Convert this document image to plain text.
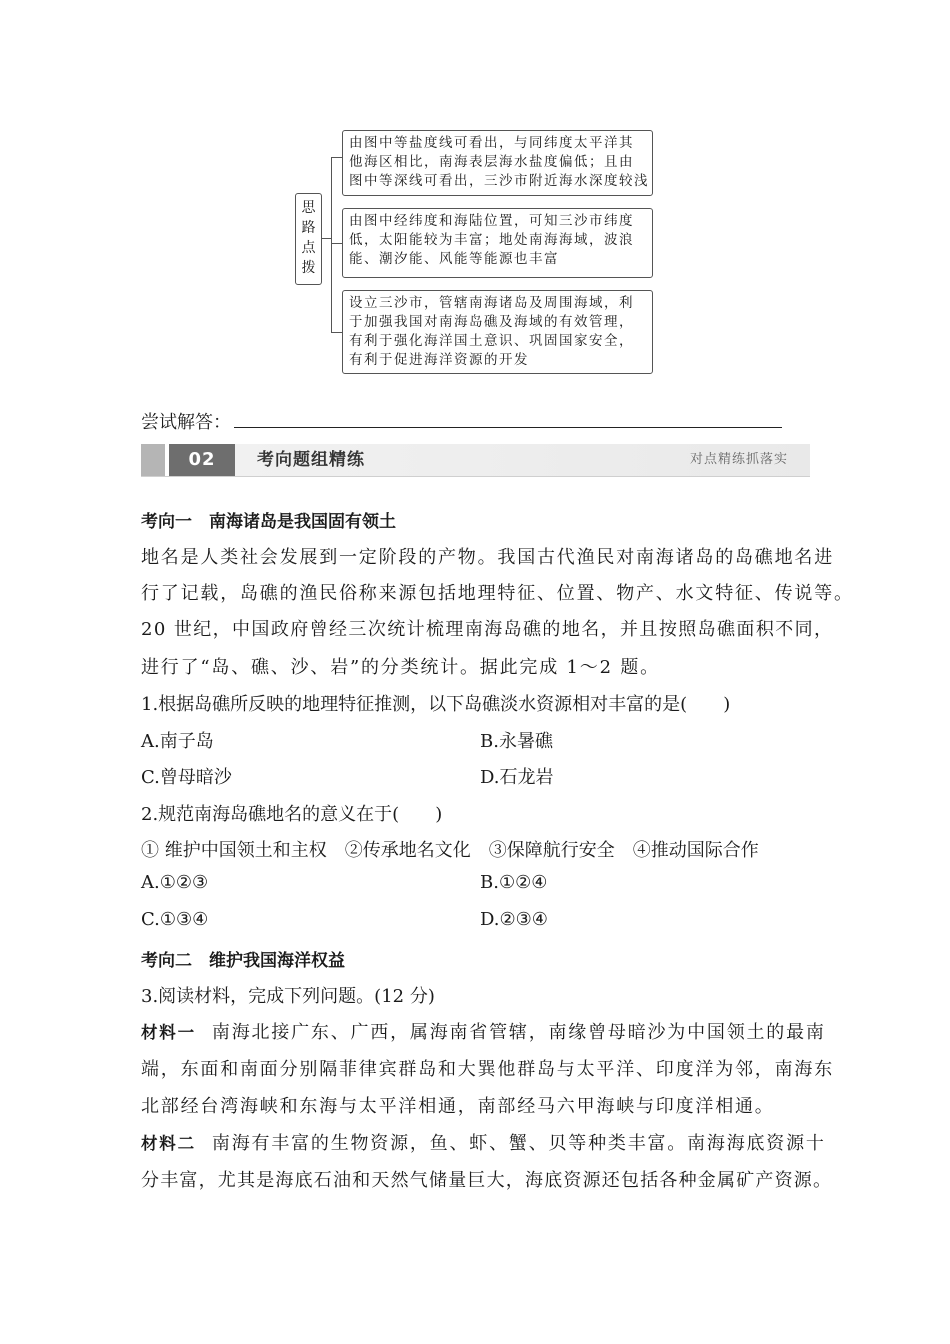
思
路
点
拨
由图中等盐度线可看出，与同纬度太平洋其
他海区相比，南海表层海水盐度偏低；且由
图中等深线可看出，三沙市附近海水深度较浅
由图中经纬度和海陆位置，可知三沙市纬度
低，太阳能较为丰富；地处南海海域，波浪
能、潮汐能、风能等能源也丰富
设立三沙市，管辖南海诸岛及周围海域，利
于加强我国对南海岛礁及海域的有效管理，
有利于强化海洋国土意识、巩固国家安全，
有利于促进海洋资源的开发
尝试解答：
02	考向题组精练	对点精练抓落实
考向一　南海诸岛是我国固有领土
地名是人类社会发展到一定阶段的产物。我国古代渔民对南海诸岛的岛礁地名进
行了记载，岛礁的渔民俗称来源包括地理特征、位置、物产、水文特征、传说等。
20 世纪，中国政府曾经三次统计梳理南海岛礁的地名，并且按照岛礁面积不同，
进行了“岛、礁、沙、岩”的分类统计。据此完成 1～2 题。
1.根据岛礁所反映的地理特征推测，以下岛礁淡水资源相对丰富的是(　　)
A.南子岛	B.永暑礁
C.曾母暗沙	D.石龙岩
2.规范南海岛礁地名的意义在于(　　)
① 维护中国领土和主权　②传承地名文化　③保障航行安全　④推动国际合作
A.①②③	B.①②④
C.①③④	D.②③④
考向二　维护我国海洋权益
3.阅读材料，完成下列问题。(12 分)
材料一 南海北接广东、广西，属海南省管辖，南缘曾母暗沙为中国领土的最南
端，东面和南面分别隔菲律宾群岛和大巽他群岛与太平洋、印度洋为邻，南海东
北部经台湾海峡和东海与太平洋相通，南部经马六甲海峡与印度洋相通。
材料二 南海有丰富的生物资源，鱼、虾、蟹、贝等种类丰富。南海海底资源十
分丰富，尤其是海底石油和天然气储量巨大，海底资源还包括各种金属矿产资源。
